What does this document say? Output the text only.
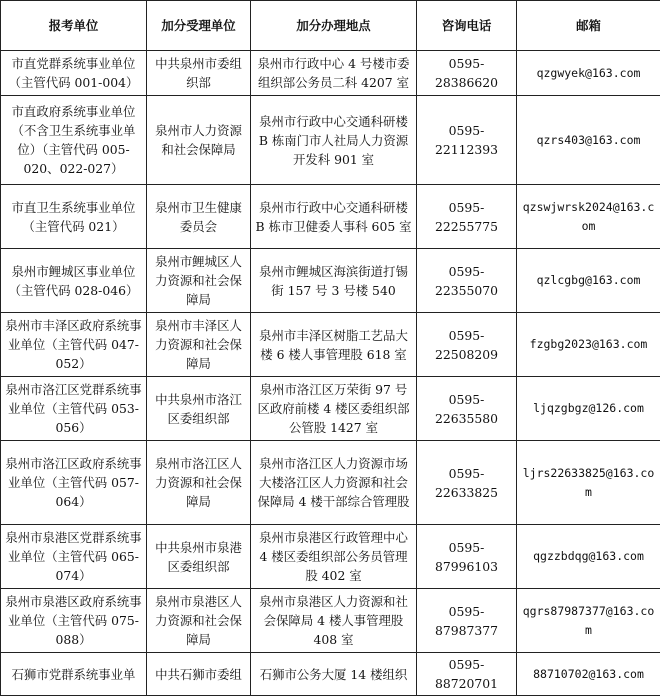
报考单位	加分受理单位	加分办理地点	咨询电话	邮箱
市直党群系统事业单位（主管代码 001-004）	中共泉州市委组织部	泉州市行政中心 4 号楼市委组织部公务员二科 4207 室	0595-28386620	qzgwyek@163.com
市直政府系统事业单位（不含卫生系统事业单位）（主管代码 005-020、022-027）	泉州市人力资源和社会保障局	泉州市行政中心交通科研楼 B 栋南门市人社局人力资源开发科 901 室	0595-22112393	qzrs403@163.com
市直卫生系统事业单位（主管代码 021）	泉州市卫生健康委员会	泉州市行政中心交通科研楼 B 栋市卫健委人事科 605 室	0595-22255775	qzswjwrsk2024@163.com
泉州市鲤城区事业单位（主管代码 028-046）	泉州市鲤城区人力资源和社会保障局	泉州市鲤城区海滨街道打锡街 157 号 3 号楼 540	0595-22355070	qzlcgbg@163.com
泉州市丰泽区政府系统事业单位（主管代码 047-052）	泉州市丰泽区人力资源和社会保障局	泉州市丰泽区树脂工艺品大楼 6 楼人事管理股 618 室	0595-22508209	fzgbg2023@163.com
泉州市洛江区党群系统事业单位（主管代码 053-056）	中共泉州市洛江区委组织部	泉州市洛江区万荣街 97 号区政府前楼 4 楼区委组织部公管股 1427 室	0595-22635580	ljqzgbgz@126.com
泉州市洛江区政府系统事业单位（主管代码 057-064）	泉州市洛江区人力资源和社会保障局	泉州市洛江区人力资源市场大楼洛江区人力资源和社会保障局 4 楼干部综合管理股	0595-22633825	ljrs22633825@163.com
泉州市泉港区党群系统事业单位（主管代码 065-074）	中共泉州市泉港区委组织部	泉州市泉港区行政管理中心 4 楼区委组织部公务员管理股 402 室	0595-87996103	qgzzbdqg@163.com
泉州市泉港区政府系统事业单位（主管代码 075-088）	泉州市泉港区人力资源和社会保障局	泉州市泉港区人力资源和社会保障局 4 楼人事管理股 408 室	0595-87987377	qgrs87987377@163.com
石狮市党群系统事业单	中共石狮市委组	石狮市公务大厦 14 楼组织	0595-88720701	88710702@163.com
